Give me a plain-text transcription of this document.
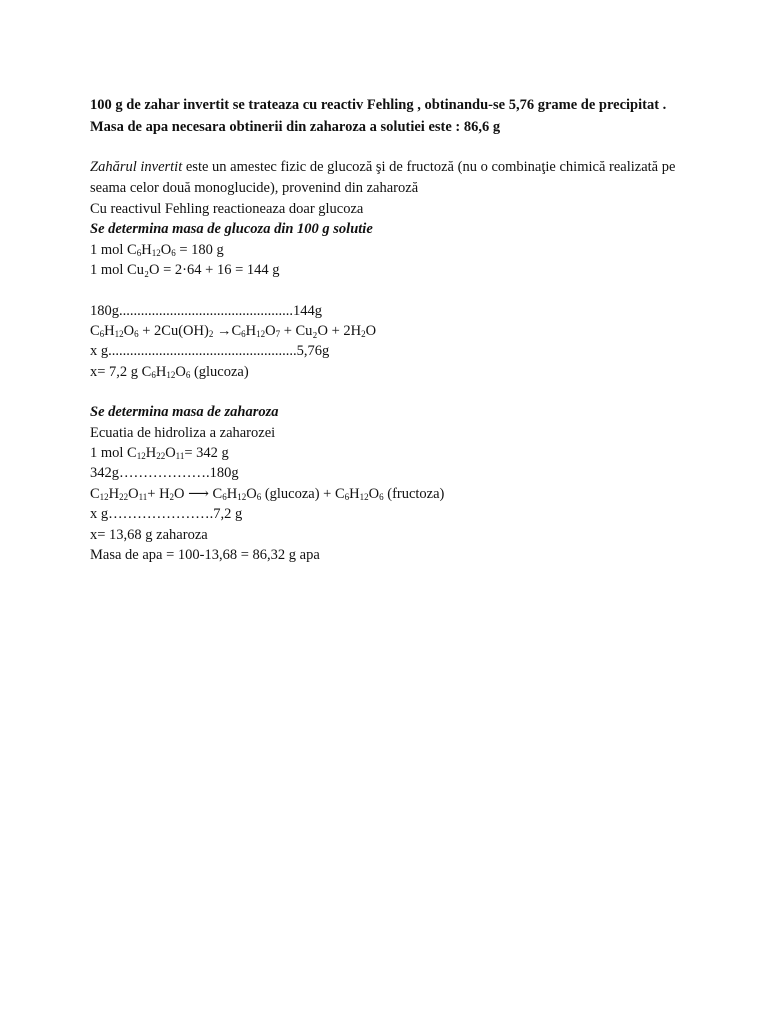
100 g de zahar invertit se trateaza cu reactiv Fehling , obtinandu-se 5,76 grame de precipitat . Masa de apa necesara obtinerii din zaharoza a solutiei este : 86,6 g

Zahărul invertit este un amestec fizic de glucoză şi de fructoză (nu o combinaţie chimică realizată pe seama celor două monoglucide), provenind din zaharoză

Cu reactivul Fehling reactioneaza doar glucoza

Se determina masa de glucoza din 100 g solutie

1 mol $C_6H_{12}O_6 = 180$ g

1 mol Cu₂O = 2·64 + 16 = 144 g

180g................................................144g

$C_6H_{12}O_6 + 2Cu(OH)_2 \to C_6H_{12}O_7 + Cu_2O + 2H_2O$

x g....................................................5,76g

x= 7,2 g $C_6H_{12}O_6$ (glucoza)

Se determina masa de zaharoza

Ecuatia de hidroliza a zaharozei

1 mol $C_{12}H_{22}O_{11}= 342$ g

342g……………….180g

$C_{12}H_{22}O_{11}+ H_2O$ ⟶ $C_6H_{12}O_6$ (glucoza) + $C_6H_{12}O_6$ (fructoza)

x g………………….7,2 g

x= 13,68 g zaharoza

Masa de apa = 100-13,68 = 86,32 g apa
